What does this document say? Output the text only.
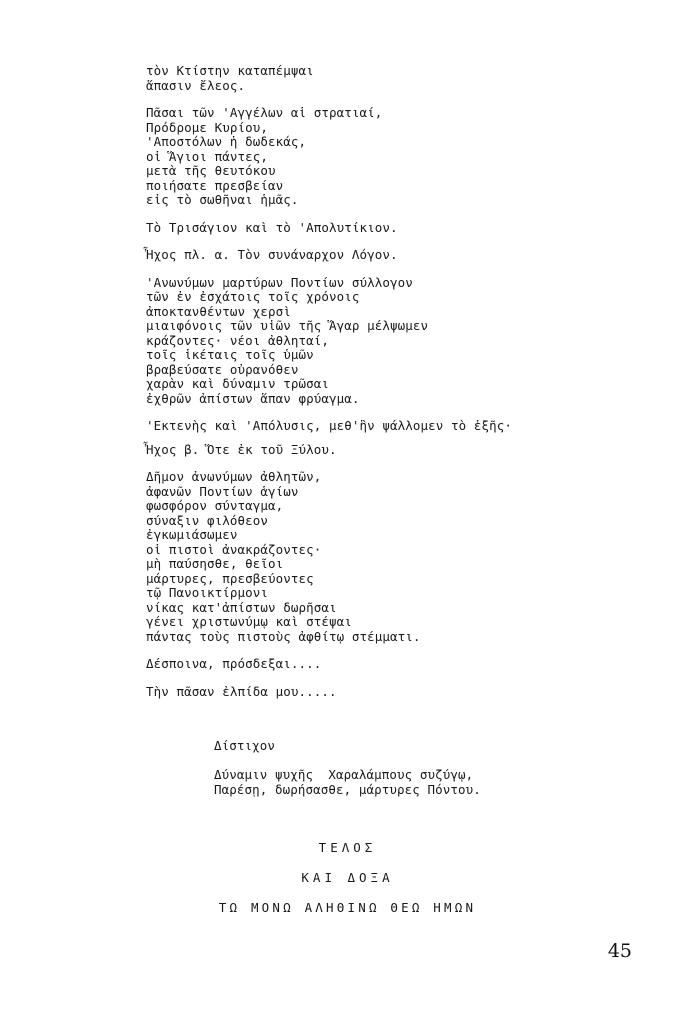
τὸν Κτίστην καταπέμψαι
ἅπασιν ἔλεος.
Πᾶσαι τῶν 'Αγγέλων αἱ στρατιαί,
Πρόδρομε Κυρίου,
'Αποστόλων ἡ δωδεκάς,
οἱ Ἅγιοι πάντες,
μετὰ τῆς θευτόκου
ποιήσατε πρεσβείαν
εἰς τὸ σωθῆναι ἡμᾶς.
Τὸ Τρισάγιον καὶ τὸ 'Απολυτίκιον.
Ἦχος πλ. α. Τὸν συνάναρχον Λόγον.
'Ανωνύμων μαρτύρων Ποντίων σύλλογον
τῶν ἐν ἐσχάτοις τοῖς χρόνοις
ἀποκτανθέντων χερσὶ
μιαιφόνοις τῶν υἱῶν τῆς Ἅγαρ μέλψωμεν
κράζοντες· νέοι ἀθληταί,
τοῖς ἱκέταις τοῖς ὑμῶν
βραβεύσατε οὐρανόθεν
χαρὰν καὶ δύναμιν τρῶσαι
ἐχθρῶν ἀπίστων ἅπαν φρύαγμα.
'Εκτενὴς καὶ 'Απόλυσις, μεθ'ἣν ψάλλομεν τὸ ἑξῆς·
Ἦχος β. Ὅτε ἐκ τοῦ Ξύλου.
Δῆμον ἀνωνύμων ἀθλητῶν,
ἀφανῶν Ποντίων ἁγίων
φωσφόρον σύνταγμα,
σύναξιν φιλόθεον
ἐγκωμιάσωμεν
οἱ πιστοὶ ἀνακράζοντες·
μὴ παύσησθε, θεῖοι
μάρτυρες, πρεσβεύοντες
τῷ Πανοικτίρμονι
νίκας κατ'ἀπίστων δωρῆσαι
γένει χριστωνύμῳ καὶ στέψαι
πάντας τοὺς πιστοὺς ἀφθίτῳ στέμματι.
Δέσποινα, πρόσδεξαι....
Τὴν πᾶσαν ἐλπίδα μου.....
Δίστιχον
Δύναμιν ψυχῆς  Χαραλάμπους συζύγῳ,
Παρέσῃ, δωρήσασθε, μάρτυρες Πόντου.
ΤΕΛΟΣ
ΚΑΙ ΔΟΞΑ
ΤΩ ΜΟΝΩ ΑΛΗΘΙΝΩ ΘΕΩ ΗΜΩΝ
45
